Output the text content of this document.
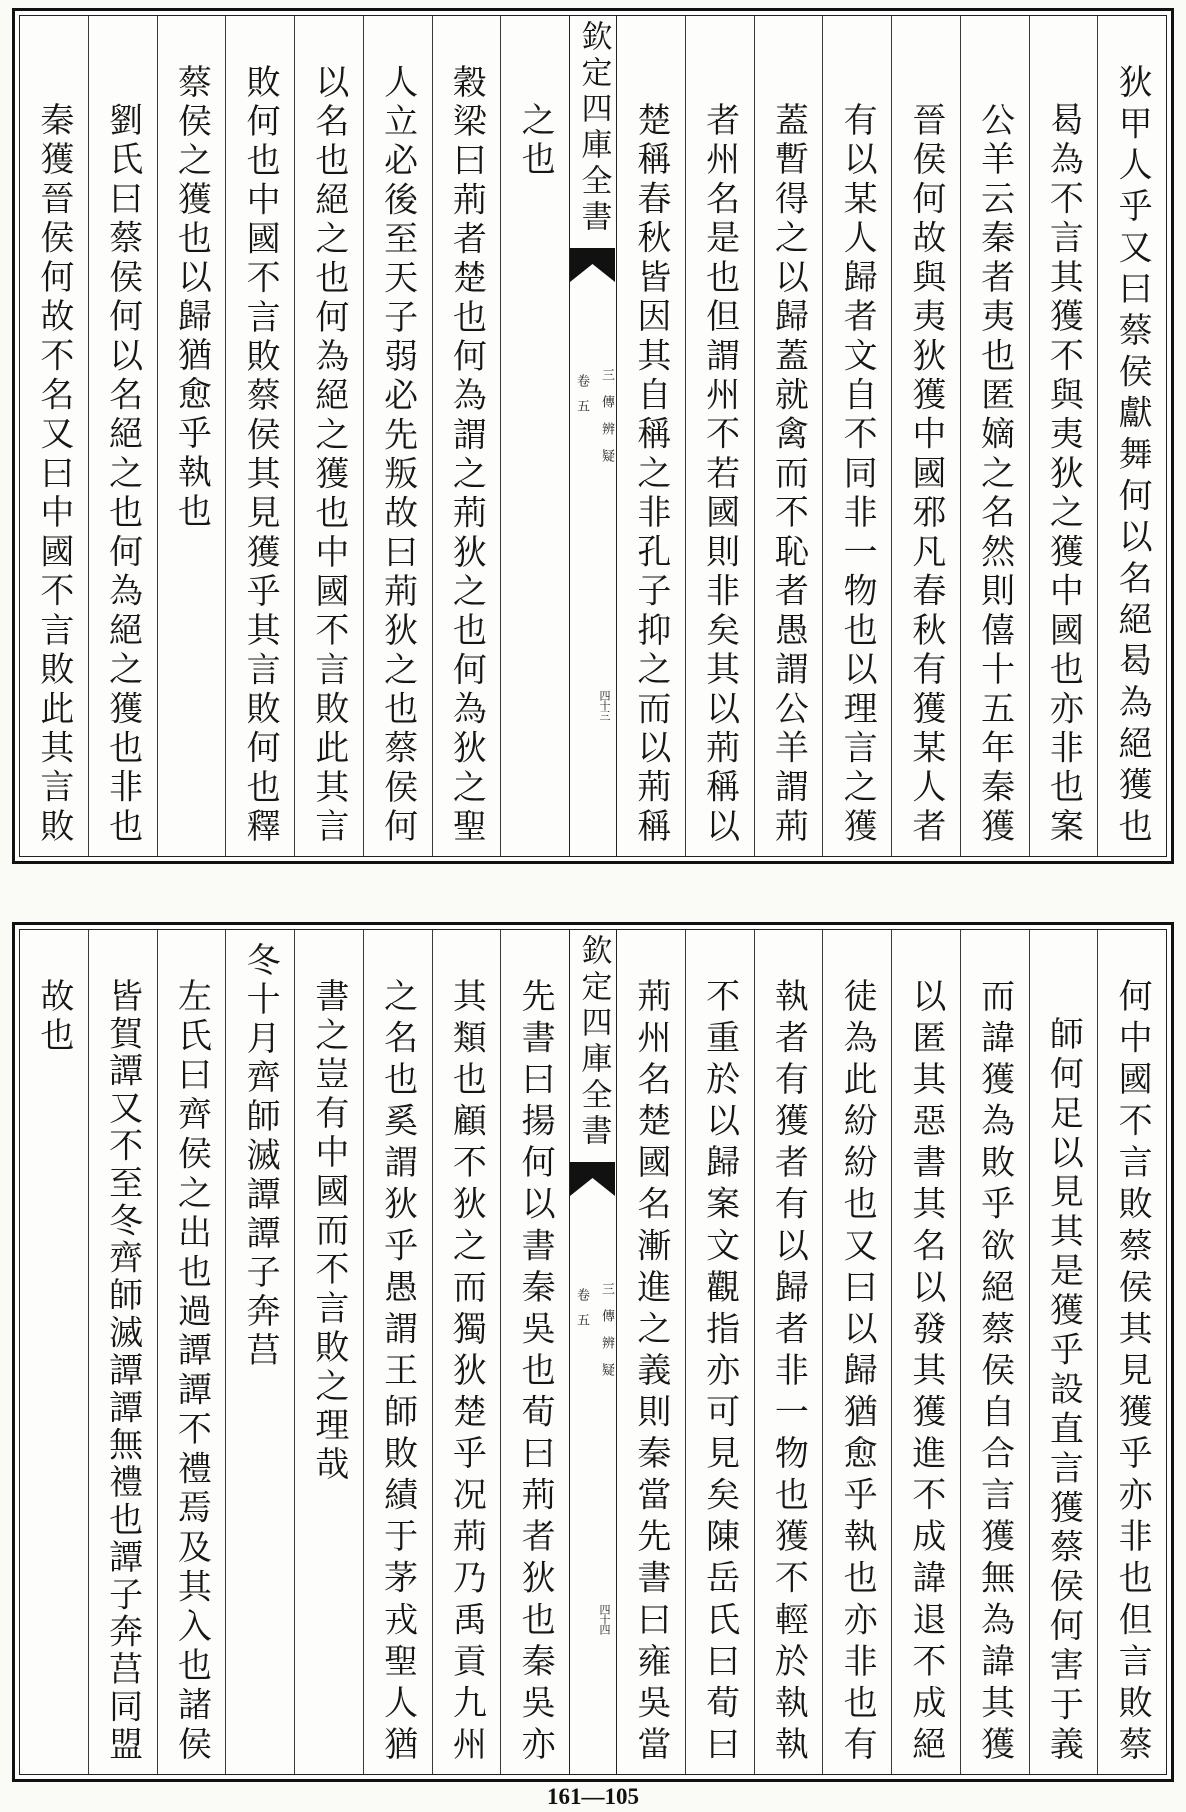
之也
穀梁曰荊者楚也何為謂之荊狄之也何為狄之聖
人立必後至天子弱必先叛故曰荊狄之也蔡侯何
以名也絕之也何為絕之獲也中國不言敗此其言
敗何也中國不言敗蔡侯其見獲乎其言敗何也釋
蔡侯之獲也以歸猶愈乎執也
劉氏曰蔡侯何以名絕之也何為絕之獲也非也
秦獲晉侯何故不名又曰中國不言敗此其言敗	欽定四庫全書
三傳辨疑
卷五
四十三	狄甲人乎又曰蔡侯獻舞何以名絕曷為絕獲也
曷為不言其獲不與夷狄之獲中國也亦非也案
公羊云秦者夷也匿嫡之名然則僖十五年秦獲
晉侯何故與夷狄獲中國邪凡春秋有獲某人者
有以某人歸者文自不同非一物也以理言之獲
蓋暫得之以歸蓋就禽而不恥者愚謂公羊謂荊
者州名是也但謂州不若國則非矣其以荊稱以
楚稱春秋皆因其自稱之非孔子抑之而以荊稱
先書曰揚何以書秦吳也荀曰荊者狄也秦吳亦
其類也顧不狄之而獨狄楚乎况荊乃禹貢九州
之名也奚謂狄乎愚謂王師敗績于茅戎聖人猶
書之豈有中國而不言敗之理哉
冬十月齊師滅譚譚子奔莒
左氏曰齊侯之出也過譚譚不禮焉及其入也諸侯
皆賀譚又不至冬齊師滅譚譚無禮也譚子奔莒同盟
故也	欽定四庫全書
三傳辨疑
卷五
四十四	何中國不言敗蔡侯其見獲乎亦非也但言敗蔡
師何足以見其是獲乎設直言獲蔡侯何害于義
而諱獲為敗乎欲絕蔡侯自合言獲無為諱其獲
以匿其惡書其名以發其獲進不成諱退不成絕
徒為此紛紛也又曰以歸猶愈乎執也亦非也有
執者有獲者有以歸者非一物也獲不輕於執執
不重於以歸案文觀指亦可見矣陳岳氏曰荀曰
荊州名楚國名漸進之義則秦當先書曰雍吳當
161—105
